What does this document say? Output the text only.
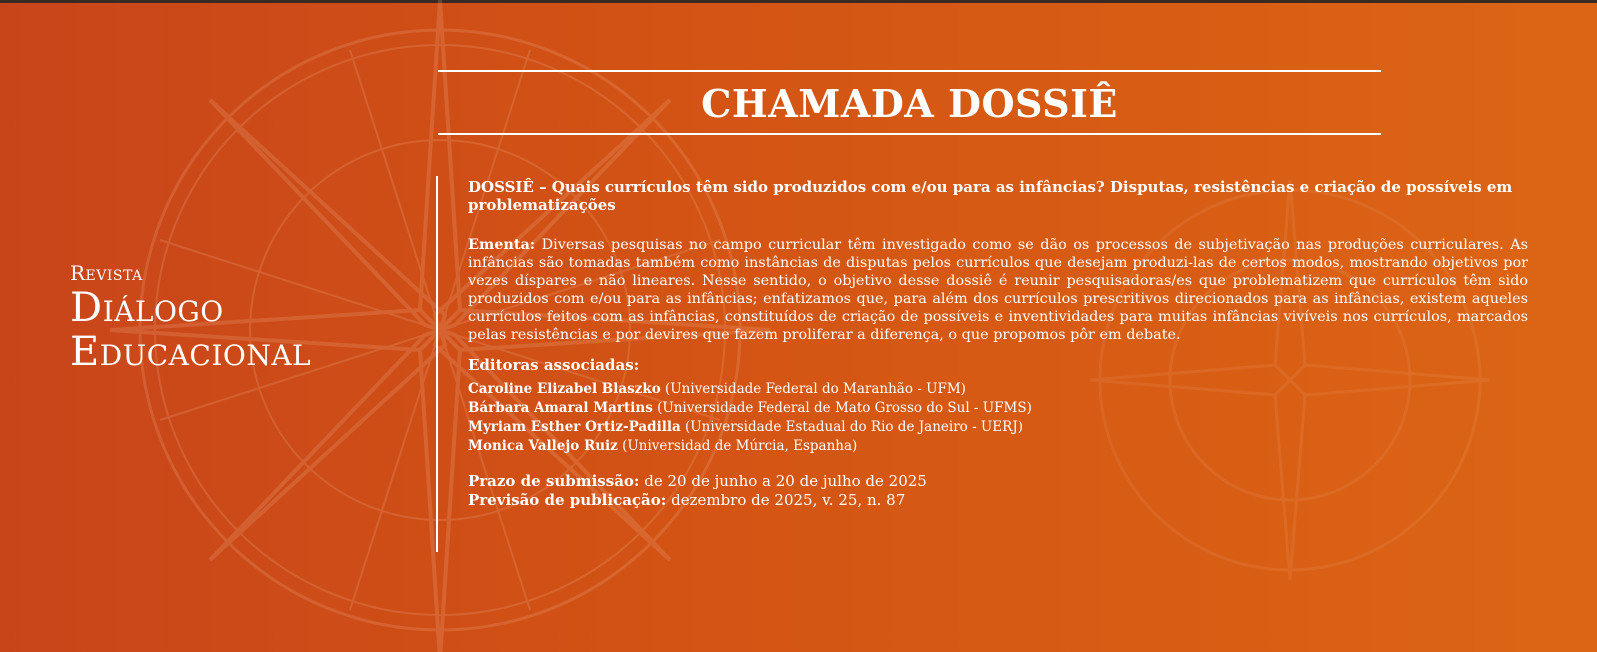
Revista
Diálogo
Educacional
CHAMADA DOSSIÊ

DOSSIÊ – Quais currículos têm sido produzidos com e/ou para as infâncias? Disputas, resistências e criação de possíveis em problematizações

Ementa: Diversas pesquisas no campo curricular têm investigado como se dão os processos de subjetivação nas produções curriculares. As infâncias são tomadas também como instâncias de disputas pelos currículos que desejam produzi-las de certos modos, mostrando objetivos por vezes díspares e não lineares. Nesse sentido, o objetivo desse dossiê é reunir pesquisadoras/es que problematizem que currículos têm sido produzidos com e/ou para as infâncias; enfatizamos que, para além dos currículos prescritivos direcionados para as infâncias, existem aqueles currículos feitos com as infâncias, constituídos de criação de possíveis e inventividades para muitas infâncias vivíveis nos currículos, marcados pelas resistências e por devires que fazem proliferar a diferença, o que propomos pôr em debate.

Editoras associadas:

Caroline Elizabel Blaszko (Universidade Federal do Maranhão - UFM)
Bárbara Amaral Martins (Universidade Federal de Mato Grosso do Sul - UFMS)
Myriam Esther Ortiz-Padilla (Universidade Estadual do Rio de Janeiro - UERJ)
Monica Vallejo Ruiz (Universidad de Múrcia, Espanha)
Prazo de submissão: de 20 de junho a 20 de julho de 2025
Previsão de publicação: dezembro de 2025, v. 25, n. 87
